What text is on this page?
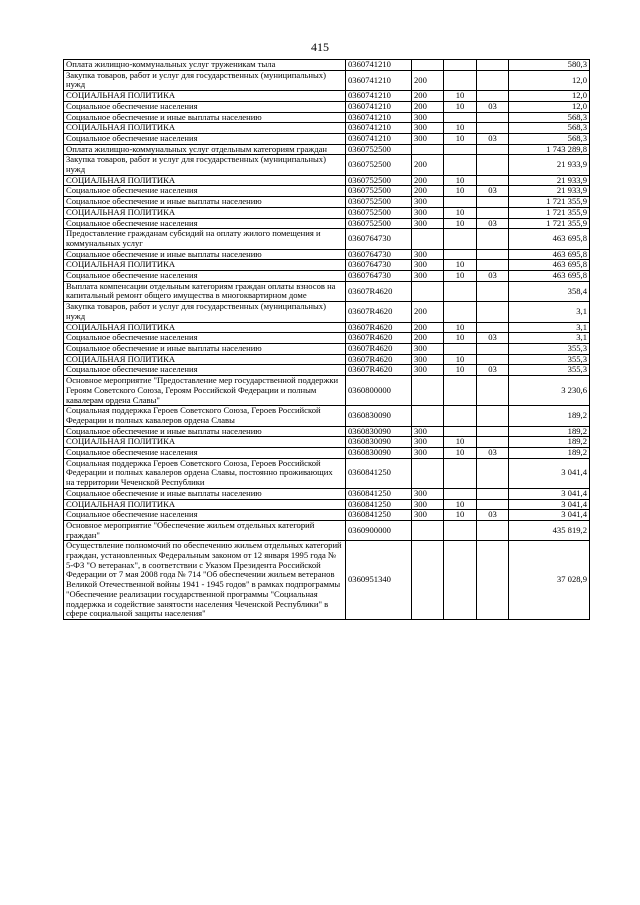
415
Оплата жилищно-коммунальных услуг труженикам тыла	0360741210				580,3
Закупка товаров, работ и услуг для государственных (муниципальных) нужд	0360741210	200			12,0
СОЦИАЛЬНАЯ ПОЛИТИКА	0360741210	200	10		12,0
Социальное обеспечение населения	0360741210	200	10	03	12,0
Социальное обеспечение и иные выплаты населению	0360741210	300			568,3
СОЦИАЛЬНАЯ ПОЛИТИКА	0360741210	300	10		568,3
Социальное обеспечение населения	0360741210	300	10	03	568,3
Оплата жилищно-коммунальных услуг отдельным категориям граждан	0360752500				1 743 289,8
Закупка товаров, работ и услуг для государственных (муниципальных) нужд	0360752500	200			21 933,9
СОЦИАЛЬНАЯ ПОЛИТИКА	0360752500	200	10		21 933,9
Социальное обеспечение населения	0360752500	200	10	03	21 933,9
Социальное обеспечение и иные выплаты населению	0360752500	300			1 721 355,9
СОЦИАЛЬНАЯ ПОЛИТИКА	0360752500	300	10		1 721 355,9
Социальное обеспечение населения	0360752500	300	10	03	1 721 355,9
Предоставление гражданам субсидий на оплату жилого помещения и коммунальных услуг	0360764730				463 695,8
Социальное обеспечение и иные выплаты населению	0360764730	300			463 695,8
СОЦИАЛЬНАЯ ПОЛИТИКА	0360764730	300	10		463 695,8
Социальное обеспечение населения	0360764730	300	10	03	463 695,8
Выплата компенсации отдельным категориям граждан оплаты взносов на капитальный ремонт общего имущества в многоквартирном доме	03607R4620				358,4
Закупка товаров, работ и услуг для государственных (муниципальных) нужд	03607R4620	200			3,1
СОЦИАЛЬНАЯ ПОЛИТИКА	03607R4620	200	10		3,1
Социальное обеспечение населения	03607R4620	200	10	03	3,1
Социальное обеспечение и иные выплаты населению	03607R4620	300			355,3
СОЦИАЛЬНАЯ ПОЛИТИКА	03607R4620	300	10		355,3
Социальное обеспечение населения	03607R4620	300	10	03	355,3
Основное мероприятие "Предоставление мер государственной поддержки Героям Советского Союза, Героям Российской Федерации и полным кавалерам ордена Славы"	0360800000				3 230,6
Социальная поддержка Героев Советского Союза, Героев Российской Федерации и полных кавалеров ордена Славы	0360830090				189,2
Социальное обеспечение и иные выплаты населению	0360830090	300			189,2
СОЦИАЛЬНАЯ ПОЛИТИКА	0360830090	300	10		189,2
Социальное обеспечение населения	0360830090	300	10	03	189,2
Социальная поддержка Героев Советского Союза, Героев Российской Федерации и полных кавалеров ордена Славы, постоянно проживающих на территории Чеченской Республики	0360841250				3 041,4
Социальное обеспечение и иные выплаты населению	0360841250	300			3 041,4
СОЦИАЛЬНАЯ ПОЛИТИКА	0360841250	300	10		3 041,4
Социальное обеспечение населения	0360841250	300	10	03	3 041,4
Основное мероприятие "Обеспечение жильем отдельных категорий граждан"	0360900000				435 819,2
Осуществление полномочий по обеспечению жильем отдельных категорий граждан, установленных Федеральным законом от 12 января 1995 года № 5-ФЗ "О ветеранах", в соответствии с Указом Президента Российской Федерации от 7 мая 2008 года № 714 "Об обеспечении жильем ветеранов Великой Отечественной войны 1941 - 1945 годов" в рамках подпрограммы "Обеспечение реализации государственной программы "Социальная поддержка и содействие занятости населения Чеченской Республики" в сфере социальной защиты населения"	0360951340				37 028,9
